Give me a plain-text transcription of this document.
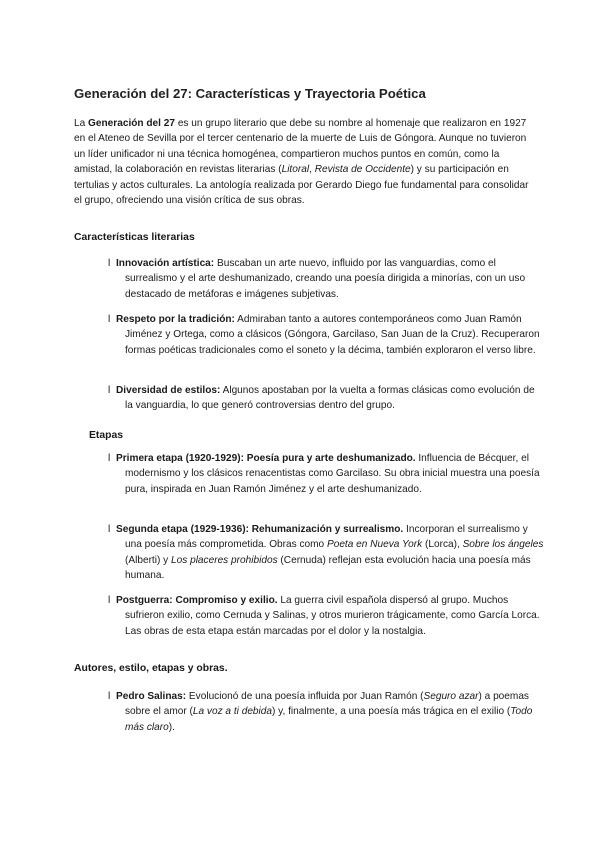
Generación del 27: Características y Trayectoria Poética

La Generación del 27 es un grupo literario que debe su nombre al homenaje que realizaron en 1927 en el Ateneo de Sevilla por el tercer centenario de la muerte de Luis de Góngora. Aunque no tuvieron un líder unificador ni una técnica homogénea, compartieron muchos puntos en común, como la amistad, la colaboración en revistas literarias (Litoral, Revista de Occidente) y su participación en tertulias y actos culturales. La antología realizada por Gerardo Diego fue fundamental para consolidar el grupo, ofreciendo una visión crítica de sus obras.

Características literarias

l Innovación artística: Buscaban un arte nuevo, influido por las vanguardias, como el surrealismo y el arte deshumanizado, creando una poesía dirigida a minorías, con un uso destacado de metáforas e imágenes subjetivas.

l Respeto por la tradición: Admiraban tanto a autores contemporáneos como Juan Ramón Jiménez y Ortega, como a clásicos (Góngora, Garcilaso, San Juan de la Cruz). Recuperaron formas poéticas tradicionales como el soneto y la décima, también exploraron el verso libre.

l Diversidad de estilos: Algunos apostaban por la vuelta a formas clásicas como evolución de la vanguardia, lo que generó controversias dentro del grupo.

Etapas

l Primera etapa (1920-1929): Poesía pura y arte deshumanizado. Influencia de Bécquer, el modernismo y los clásicos renacentistas como Garcilaso. Su obra inicial muestra una poesía pura, inspirada en Juan Ramón Jiménez y el arte deshumanizado.

l Segunda etapa (1929-1936): Rehumanización y surrealismo. Incorporan el surrealismo y una poesía más comprometida. Obras como Poeta en Nueva York (Lorca), Sobre los ángeles (Alberti) y Los placeres prohibidos (Cernuda) reflejan esta evolución hacia una poesía más humana.

l Postguerra: Compromiso y exilio. La guerra civil española dispersó al grupo. Muchos sufrieron exilio, como Cernuda y Salinas, y otros murieron trágicamente, como García Lorca. Las obras de esta etapa están marcadas por el dolor y la nostalgia.

Autores, estilo, etapas y obras.

l Pedro Salinas: Evolucionó de una poesía influida por Juan Ramón (Seguro azar) a poemas sobre el amor (La voz a ti debida) y, finalmente, a una poesía más trágica en el exilio (Todo más claro).
